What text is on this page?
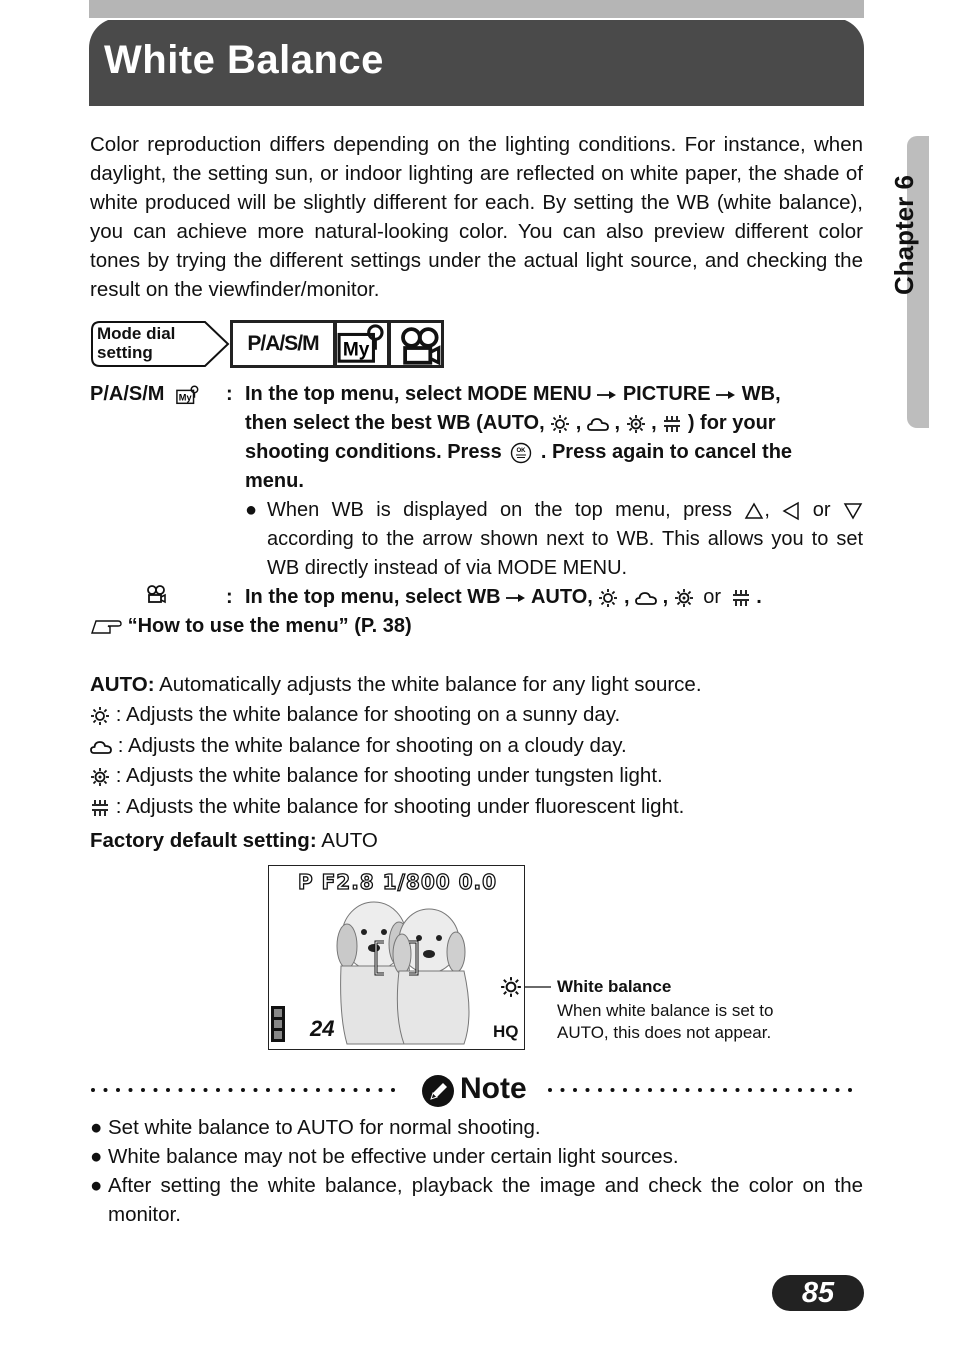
White Balance
Chapter 6
Color reproduction differs depending on the lighting conditions. For instance, when daylight, the setting sun, or indoor lighting are reflected on white paper, the shade of white produced will be slightly different for each. By setting the WB (white balance), you can achieve more natural-looking color. You can also preview different color tones by trying the different settings under the actual light source, and checking the result on the viewfinder/monitor.
Mode dial
setting	P/A/S/M
P/A/S/M	: In the top menu, select MODE MENU PICTURE WB,
then select the best WB (AUTO,  ,  ,  ,  ) for your
shooting conditions. Press	OK . Press again to cancel the
menu.
● When WB is displayed on the top menu, press ,  or  according to the arrow shown next to WB. This allows you to set WB directly instead of via MODE MENU.
: In the top menu, select WB AUTO,  ,  ,  or  .
“How to use the menu” (P. 38)
AUTO: Automatically adjusts the white balance for any light source.
: Adjusts the white balance for shooting on a sunny day.
: Adjusts the white balance for shooting on a cloudy day.
: Adjusts the white balance for shooting under tungsten light.
: Adjusts the white balance for shooting under fluorescent light.
Factory default setting: AUTO
P F2.8 1/800 0.0
24	HQ
White balance
When white balance is set to AUTO, this does not appear.
Note
● Set white balance to AUTO for normal shooting.
● White balance may not be effective under certain light sources.
● After setting the white balance, playback the image and check the color on the monitor.
85
